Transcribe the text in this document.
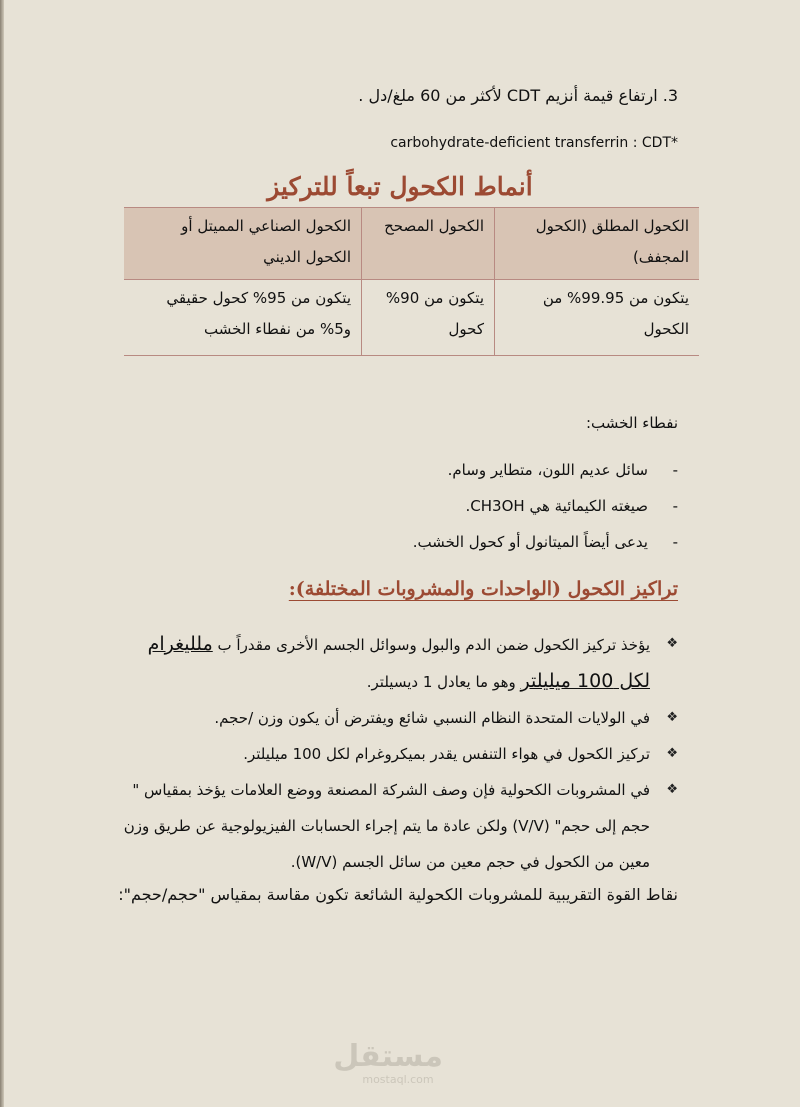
3. ارتفاع قيمة أنزيم CDT لأكثر من 60 ملغ/دل .
carbohydrate-deficient transferrin : CDT*
أنماط الكحول تبعاً للتركيز
الكحول المطلق (الكحول المجفف)	الكحول المصحح	الكحول الصناعي المميتل أو الكحول الديني
يتكون من 99.95% من الكحول	يتكون من 90% كحول	يتكون من 95% كحول حقيقي و5% من نفطاء الخشب
نفطاء الخشب:
-سائل عديم اللون، متطاير وسام.
-صيغته الكيمائية هي CH3OH.
-يدعى أيضاً الميتانول أو كحول الخشب.
تراكيز الكحول (الواحدات والمشروبات المختلفة):
❖
يؤخذ تركيز الكحول ضمن الدم والبول وسوائل الجسم الأخرى مقدراً ب ملليغرام لكل 100 ميليلتر وهو ما يعادل 1 ديسيلتر.
❖
في الولايات المتحدة النظام النسبي شائع ويفترض أن يكون وزن /حجم.
❖
تركيز الكحول في هواء التنفس يقدر بميكروغرام لكل 100 ميليلتر.
❖
في المشروبات الكحولية فإن وصف الشركة المصنعة ووضع العلامات يؤخذ بمقياس " حجم إلى حجم" (V/V) ولكن عادة ما يتم إجراء الحسابات الفيزيولوجية عن طريق وزن معين من الكحول في حجم معين من سائل الجسم (W/V).
نقاط القوة التقريبية للمشروبات الكحولية الشائعة تكون مقاسة بمقياس "حجم/حجم":
مستقل
mostaql.com
